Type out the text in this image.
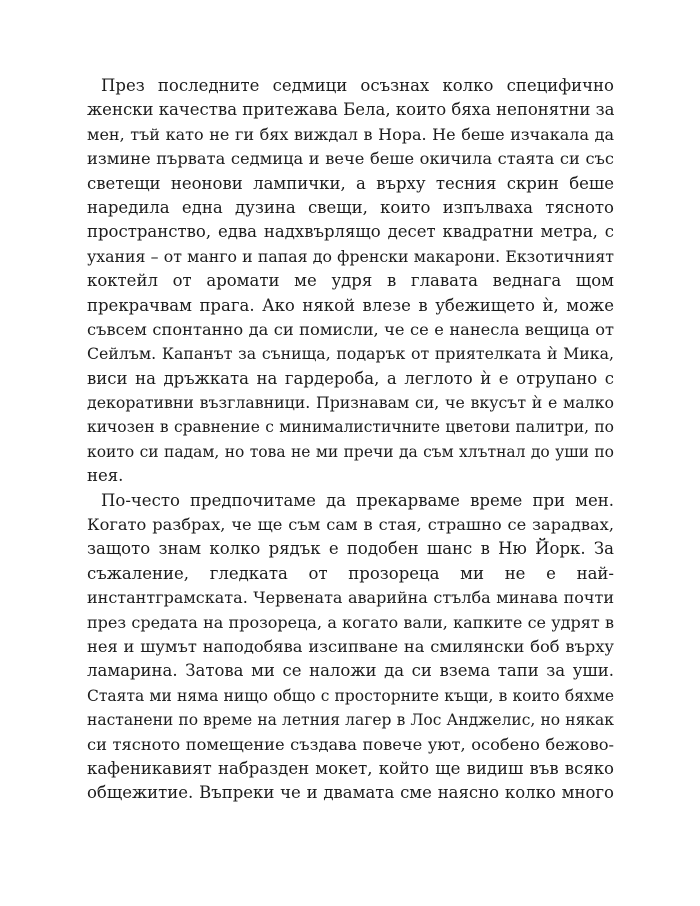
През последните седмици осъзнах колко специфично
женски качества притежава Бела, които бяха непонятни за
мен, тъй като не ги бях виждал в Нора. Не беше изчакала да
измине първата седмица и вече беше окичила стаята си със
светещи неонови лампички, а върху тесния скрин беше
наредила една дузина свещи, които изпълваха тясното
пространство, едва надхвърлящо десет квадратни метра, с
ухания – от манго и папая до френски макарони. Екзотичният
коктейл от аромати ме удря в главата веднага щом
прекрачвам прага. Ако някой влезе в убежището ѝ, може
съвсем спонтанно да си помисли, че се е нанесла вещица от
Сейлъм. Капанът за сънища, подарък от приятелката ѝ Мика,
виси на дръжката на гардероба, а леглото ѝ е отрупано с
декоративни възглавници. Признавам си, че вкусът ѝ е малко
кичозен в сравнение с минималистичните цветови палитри, по
които си падам, но това не ми пречи да съм хлътнал до уши по
нея.
По-често предпочитаме да прекарваме време при мен.
Когато разбрах, че ще съм сам в стая, страшно се зарадвах,
защото знам колко рядък е подобен шанс в Ню Йорк. За
съжаление, гледката от прозореца ми не е най-
инстантграмската. Червената аварийна стълба минава почти
през средата на прозореца, а когато вали, капките се удрят в
нея и шумът наподобява изсипване на смилянски боб върху
ламарина. Затова ми се наложи да си взема тапи за уши.
Стаята ми няма нищо общо с просторните къщи, в които бяхме
настанени по време на летния лагер в Лос Анджелис, но някак
си тясното помещение създава повече уют, особено бежово-
кафеникавият набразден мокет, който ще видиш във всяко
общежитие. Въпреки че и двамата сме наясно колко много
